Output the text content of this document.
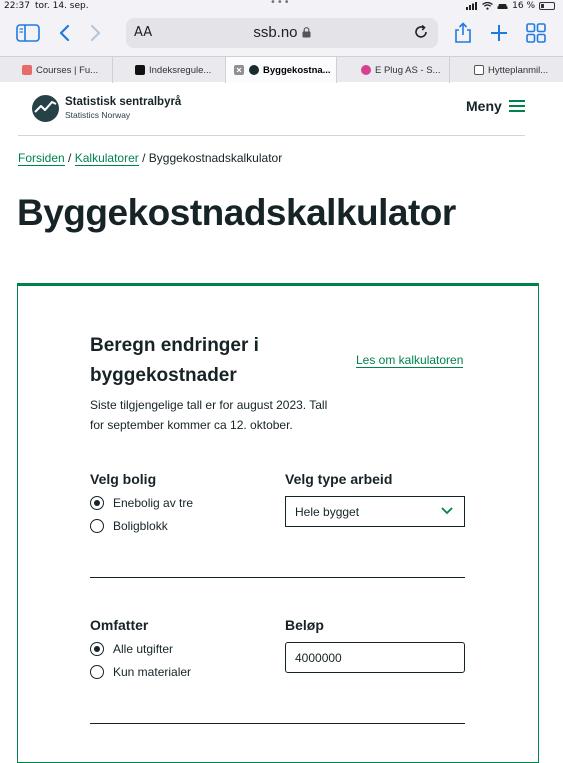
22:37 tor. 14. sep.	•••	16 %
AA	ssb.no
Courses | Fu...	Indeksregule...	Byggekostna...	E Plug AS - S...	Hytteplanmil...
Statistisk sentralbyrå
Statistics Norway
Meny
Forsiden / Kalkulatorer / Byggekostnadskalkulator
Byggekostnadskalkulator
Beregn endringer i byggekostnader
Les om kalkulatoren
Siste tilgjengelige tall er for august 2023. Tall for september kommer ca 12. oktober.
Velg bolig
Enebolig av tre
Boligblokk
Velg type arbeid
Hele bygget
Omfatter
Alle utgifter
Kun materialer
Beløp
4000000
